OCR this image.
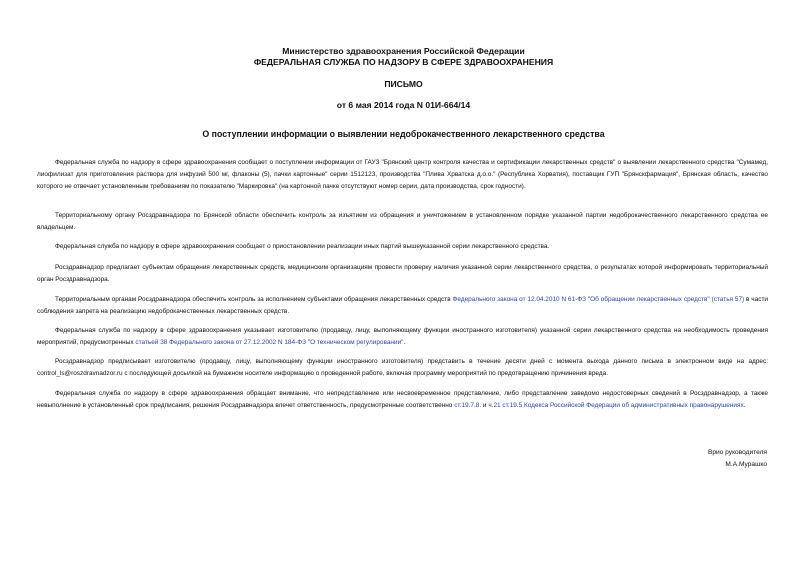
Министерство здравоохранения Российской Федерации
ФЕДЕРАЛЬНАЯ СЛУЖБА ПО НАДЗОРУ В СФЕРЕ ЗДРАВООХРАНЕНИЯ
ПИСЬМО
от 6 мая 2014 года N 01И-664/14
О поступлении информации о выявлении недоброкачественного лекарственного средства

Федеральная служба по надзору в сфере здравоохранения сообщает о поступлении информации от ГАУЗ "Брянский центр контроля качества и сертификации лекарственных средств" о выявлении лекарственного средства "Сумамед, лиофилизат для приготовления раствора для инфузий 500 мг, флаконы (5), пачки картонные" серии 1512123, производства "Плива Хрватска д.о.о." (Республика Хорватия), поставщик ГУП "Брянскфармация", Брянская область, качество которого не отвечает установленным требованиям по показателю "Маркировка" (на картонной пачке отсутствуют номер серии, дата производства, срок годности).

Территориальному органу Росздравнадзора по Брянской области обеспечить контроль за изъятием из обращения и уничтожением в установленном порядке указанной партии недоброкачественного лекарственного средства ее владельцем.

Федеральная служба по надзору в сфере здравоохранения сообщает о приостановлении реализации иных партий вышеуказанной серии лекарственного средства.

Росздравнадзор предлагает субъектам обращения лекарственных средств, медицинским организациям провести проверку наличия указанной серии лекарственного средства, о результатах которой информировать территориальный орган Росздравнадзора.

Территориальным органам Росздравнадзора обеспечить контроль за исполнением субъектами обращения лекарственных средств Федерального закона от 12.04.2010 N 61-ФЗ "Об обращении лекарственных средств" (статья 57) в части соблюдения запрета на реализацию недоброкачественных лекарственных средств.

Федеральная служба по надзору в сфере здравоохранения указывает изготовителю (продавцу, лицу, выполняющему функции иностранного изготовителя) указанной серии лекарственного средства на необходимость проведения мероприятий, предусмотренных статьей 38 Федерального закона от 27.12.2002 N 184-ФЗ "О техническом регулировании".

Росздравнадзор предписывает изготовителю (продавцу, лицу, выполняющему функции иностранного изготовителя) представить в течение десяти дней с момента выхода данного письма в электронном виде на адрес: control_ls@roszdravnadzor.ru с последующей досылкой на бумажном носителе информацию о проведенной работе, включая программу мероприятий по предотвращению причинения вреда.

Федеральная служба по надзору в сфере здравоохранения обращает внимание, что непредставление или несвоевременное представление, либо представление заведомо недостоверных сведений в Росздравнадзор, а также невыполнение в установленный срок предписания, решения Росздравнадзора влечет ответственность, предусмотренные соответственно ст.19.7.8. и ч.21 ст.19.5 Кодекса Российской Федерации об административных правонарушениях.

Врио руководителя
М.А.Мурашко
